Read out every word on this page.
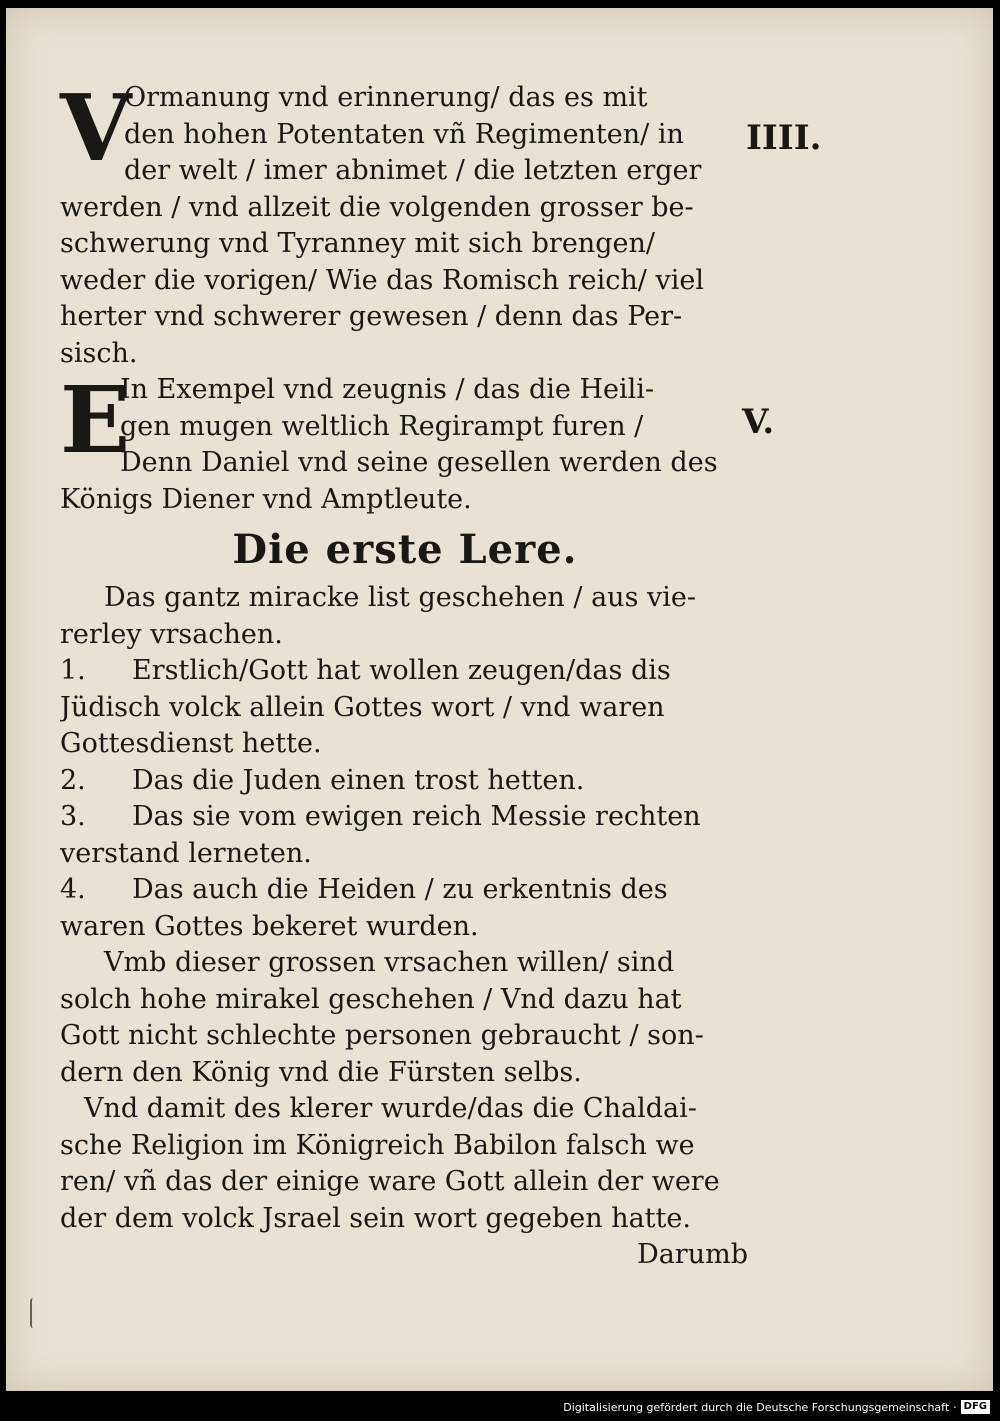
V
Ormanung vnd erinnerung/ das es mit
den hohen Potentaten vñ Regimenten/ in
der welt / imer abnimet / die letzten erger
werden / vnd allzeit die volgenden grosser be-
schwerung vnd Tyranney mit sich brengen/
weder die vorigen/ Wie das Romisch reich/ viel
herter vnd schwerer gewesen / denn das Per-
sisch.
E
In Exempel vnd zeugnis / das die Heili-
gen mugen weltlich Regirampt furen /
Denn Daniel vnd seine gesellen werden des
Königs Diener vnd Amptleute.
Die erste Lere.
Das gantz miracke list geschehen / aus vie-
rerley vrsachen.
1. Erstlich/Gott hat wollen zeugen/das dis
Jüdisch volck allein Gottes wort / vnd waren
Gottesdienst hette.
2. Das die Juden einen trost hetten.
3. Das sie vom ewigen reich Messie rechten
verstand lerneten.
4. Das auch die Heiden / zu erkentnis des
waren Gottes bekeret wurden.
Vmb dieser grossen vrsachen willen/ sind
solch hohe mirakel geschehen / Vnd dazu hat
Gott nicht schlechte personen gebraucht / son-
dern den König vnd die Fürsten selbs.
Vnd damit des klerer wurde/das die Chaldai-
sche Religion im Königreich Babilon falsch we
ren/ vñ das der einige ware Gott allein der were
der dem volck Jsrael sein wort gegeben hatte.
Darumb
IIII.
V.
Digitalisierung gefördert durch die Deutsche Forschungsgemeinschaft · DFG
